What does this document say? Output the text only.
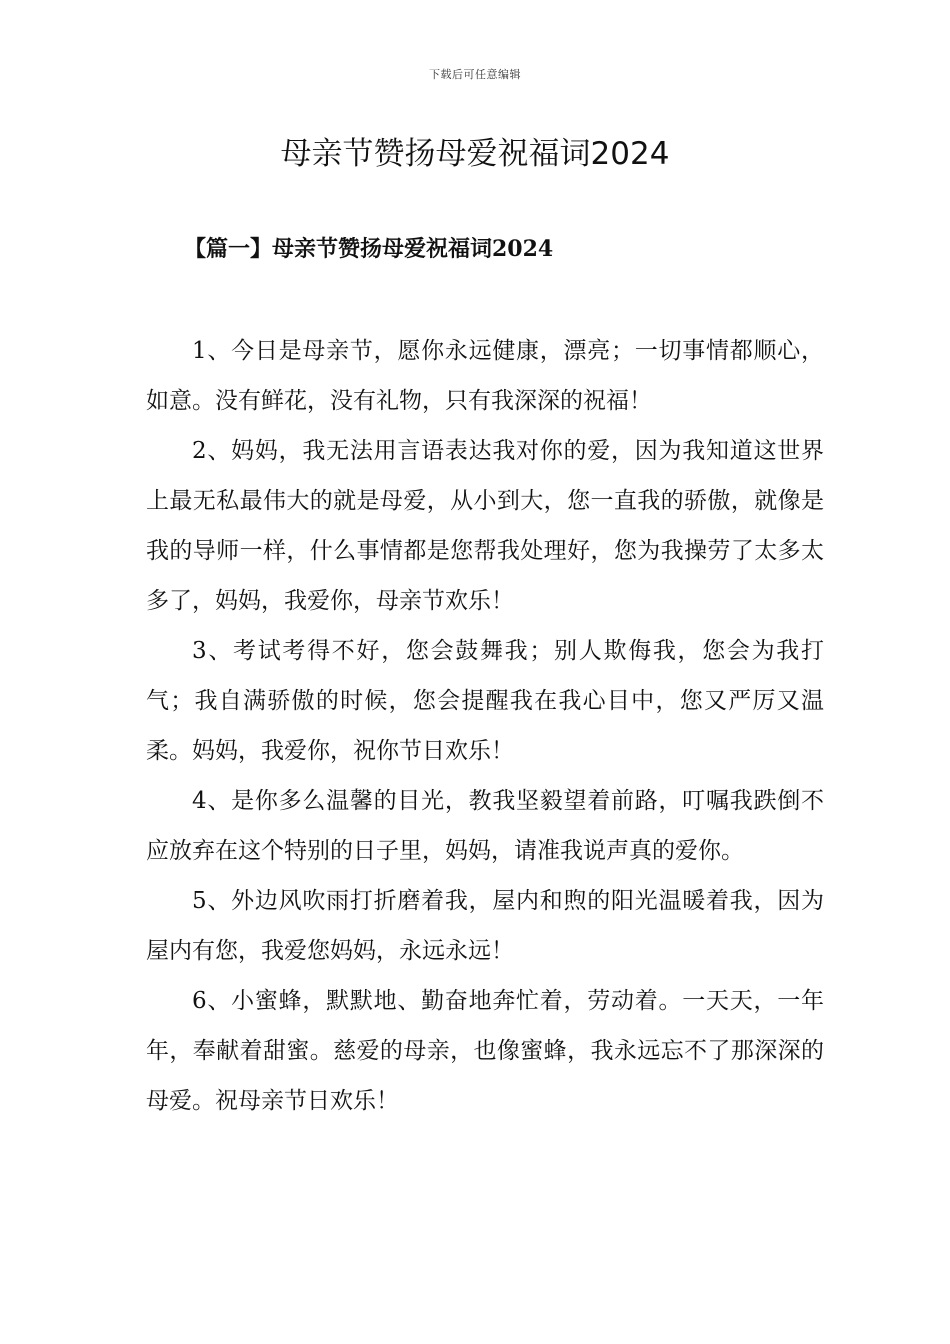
下载后可任意编辑
母亲节赞扬母爱祝福词2024
【篇一】母亲节赞扬母爱祝福词2024

1、今日是母亲节，愿你永远健康，漂亮；一切事情都顺心，如意。没有鲜花，没有礼物，只有我深深的祝福！

2、妈妈，我无法用言语表达我对你的爱，因为我知道这世界上最无私最伟大的就是母爱，从小到大，您一直我的骄傲，就像是我的导师一样，什么事情都是您帮我处理好，您为我操劳了太多太多了，妈妈，我爱你，母亲节欢乐！

3、考试考得不好，您会鼓舞我；别人欺侮我，您会为我打气；我自满骄傲的时候，您会提醒我在我心目中，您又严厉又温柔。妈妈，我爱你，祝你节日欢乐！

4、是你多么温馨的目光，教我坚毅望着前路，叮嘱我跌倒不应放弃在这个特别的日子里，妈妈，请准我说声真的爱你。

5、外边风吹雨打折磨着我，屋内和煦的阳光温暖着我，因为屋内有您，我爱您妈妈，永远永远！

6、小蜜蜂，默默地、勤奋地奔忙着，劳动着。一天天，一年年，奉献着甜蜜。慈爱的母亲，也像蜜蜂，我永远忘不了那深深的母爱。祝母亲节日欢乐！
